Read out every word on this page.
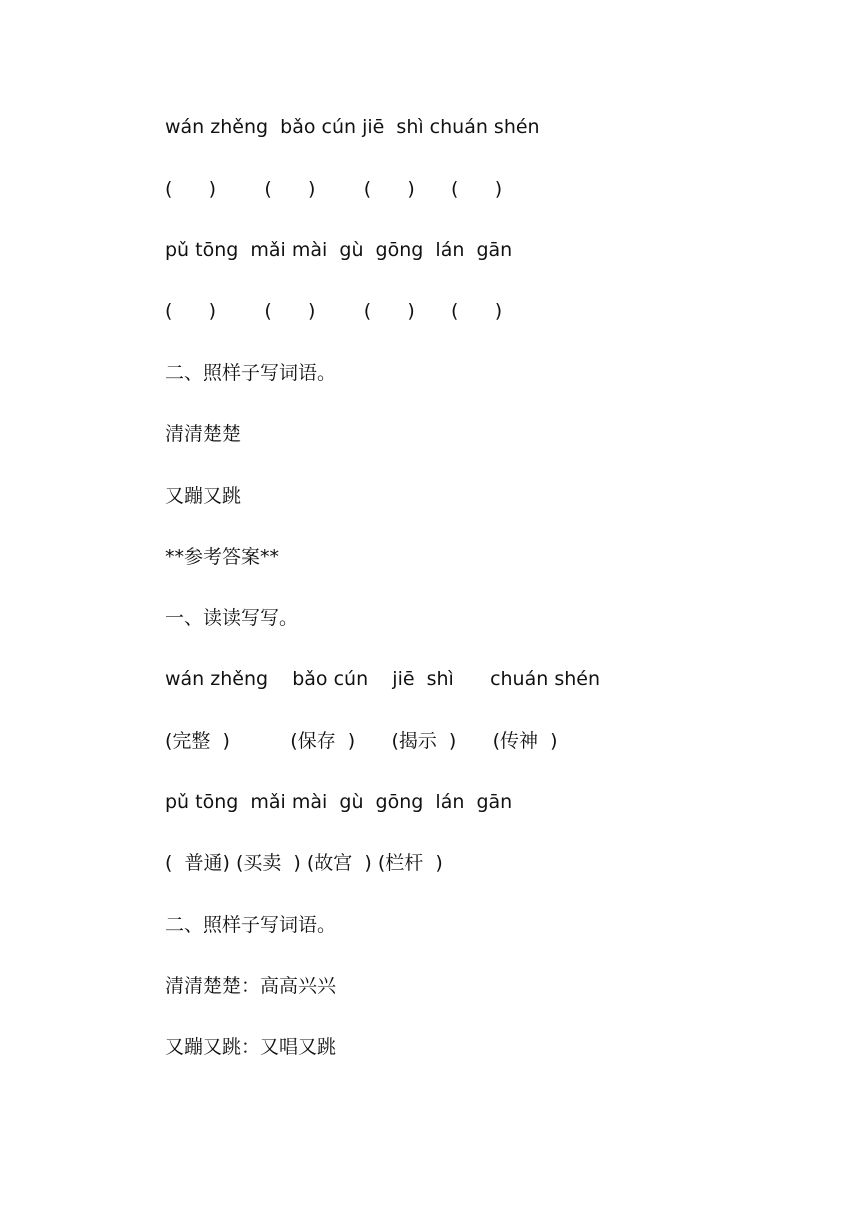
wán zhěng  bǎo cún jiē  shì chuán shén
(      )        (      )        (      )      (      )
pǔ tōng  mǎi mài  gù  gōng  lán  gān
(      )        (      )        (      )      (      )
二、照样子写词语。
清清楚楚
又蹦又跳
**参考答案**
一、读读写写。
wán zhěng    bǎo cún    jiē  shì      chuán shén
(完整  )          (保存  )      (揭示  )      (传神  )
pǔ tōng  mǎi mài  gù  gōng  lán  gān
(  普通) (买卖  ) (故宫  ) (栏杆  )
二、照样子写词语。
清清楚楚：高高兴兴
又蹦又跳：又唱又跳
